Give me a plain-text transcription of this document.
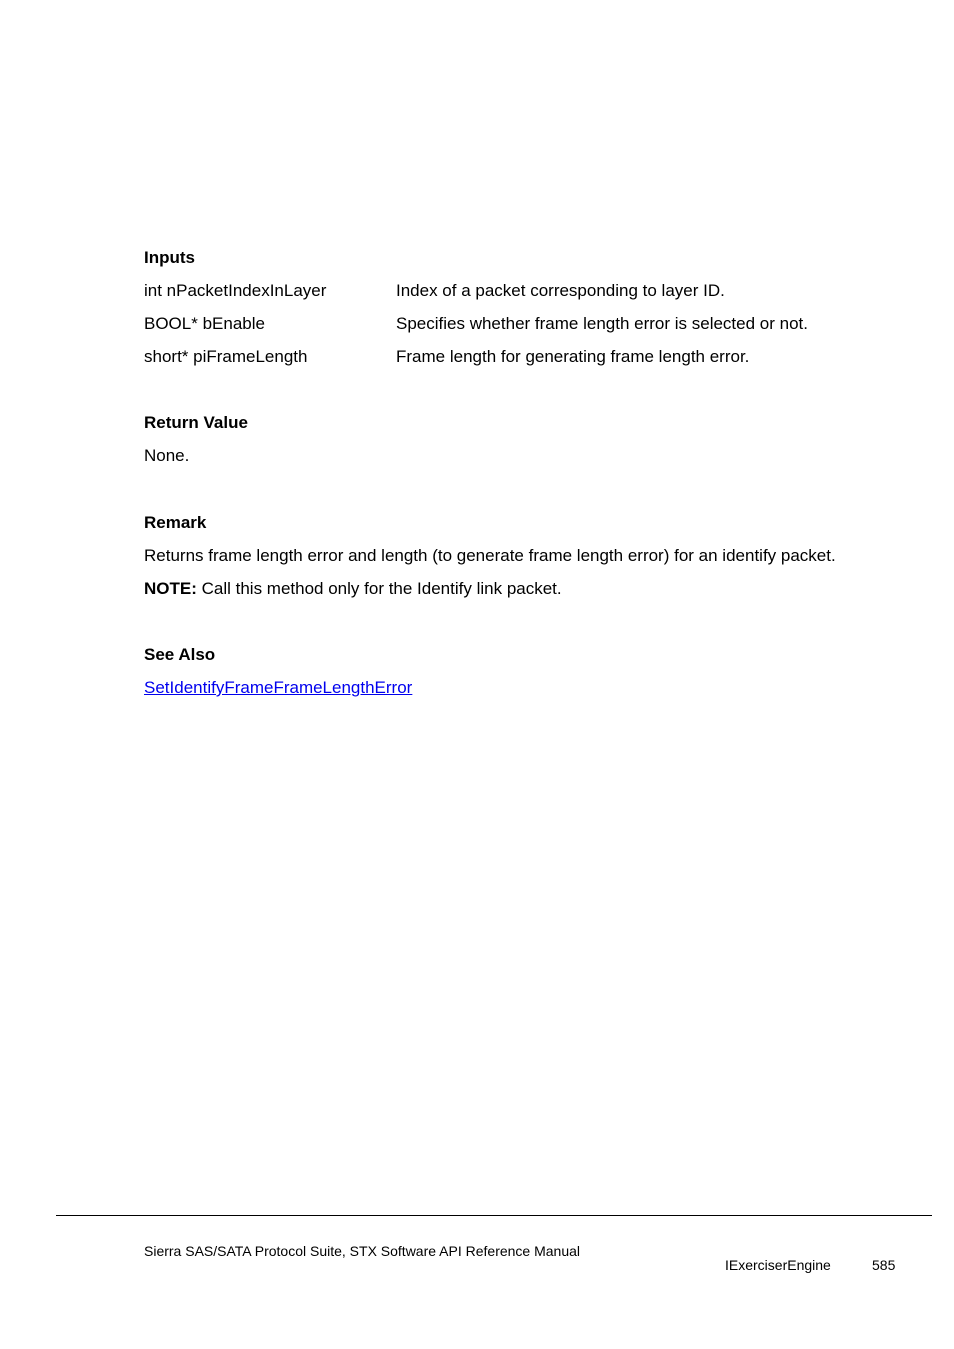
Inputs
int nPacketIndexInLayer	Index of a packet corresponding to layer ID.
BOOL* bEnable	Specifies whether frame length error is selected or not.
short* piFrameLength	Frame length for generating frame length error.
Return Value
None.
Remark
Returns frame length error and length (to generate frame length error) for an identify packet.
NOTE: Call this method only for the Identify link packet.
See Also
SetIdentifyFrameFrameLengthError
Sierra SAS/SATA Protocol Suite, STX Software API Reference Manual
IExerciserEngine	585
